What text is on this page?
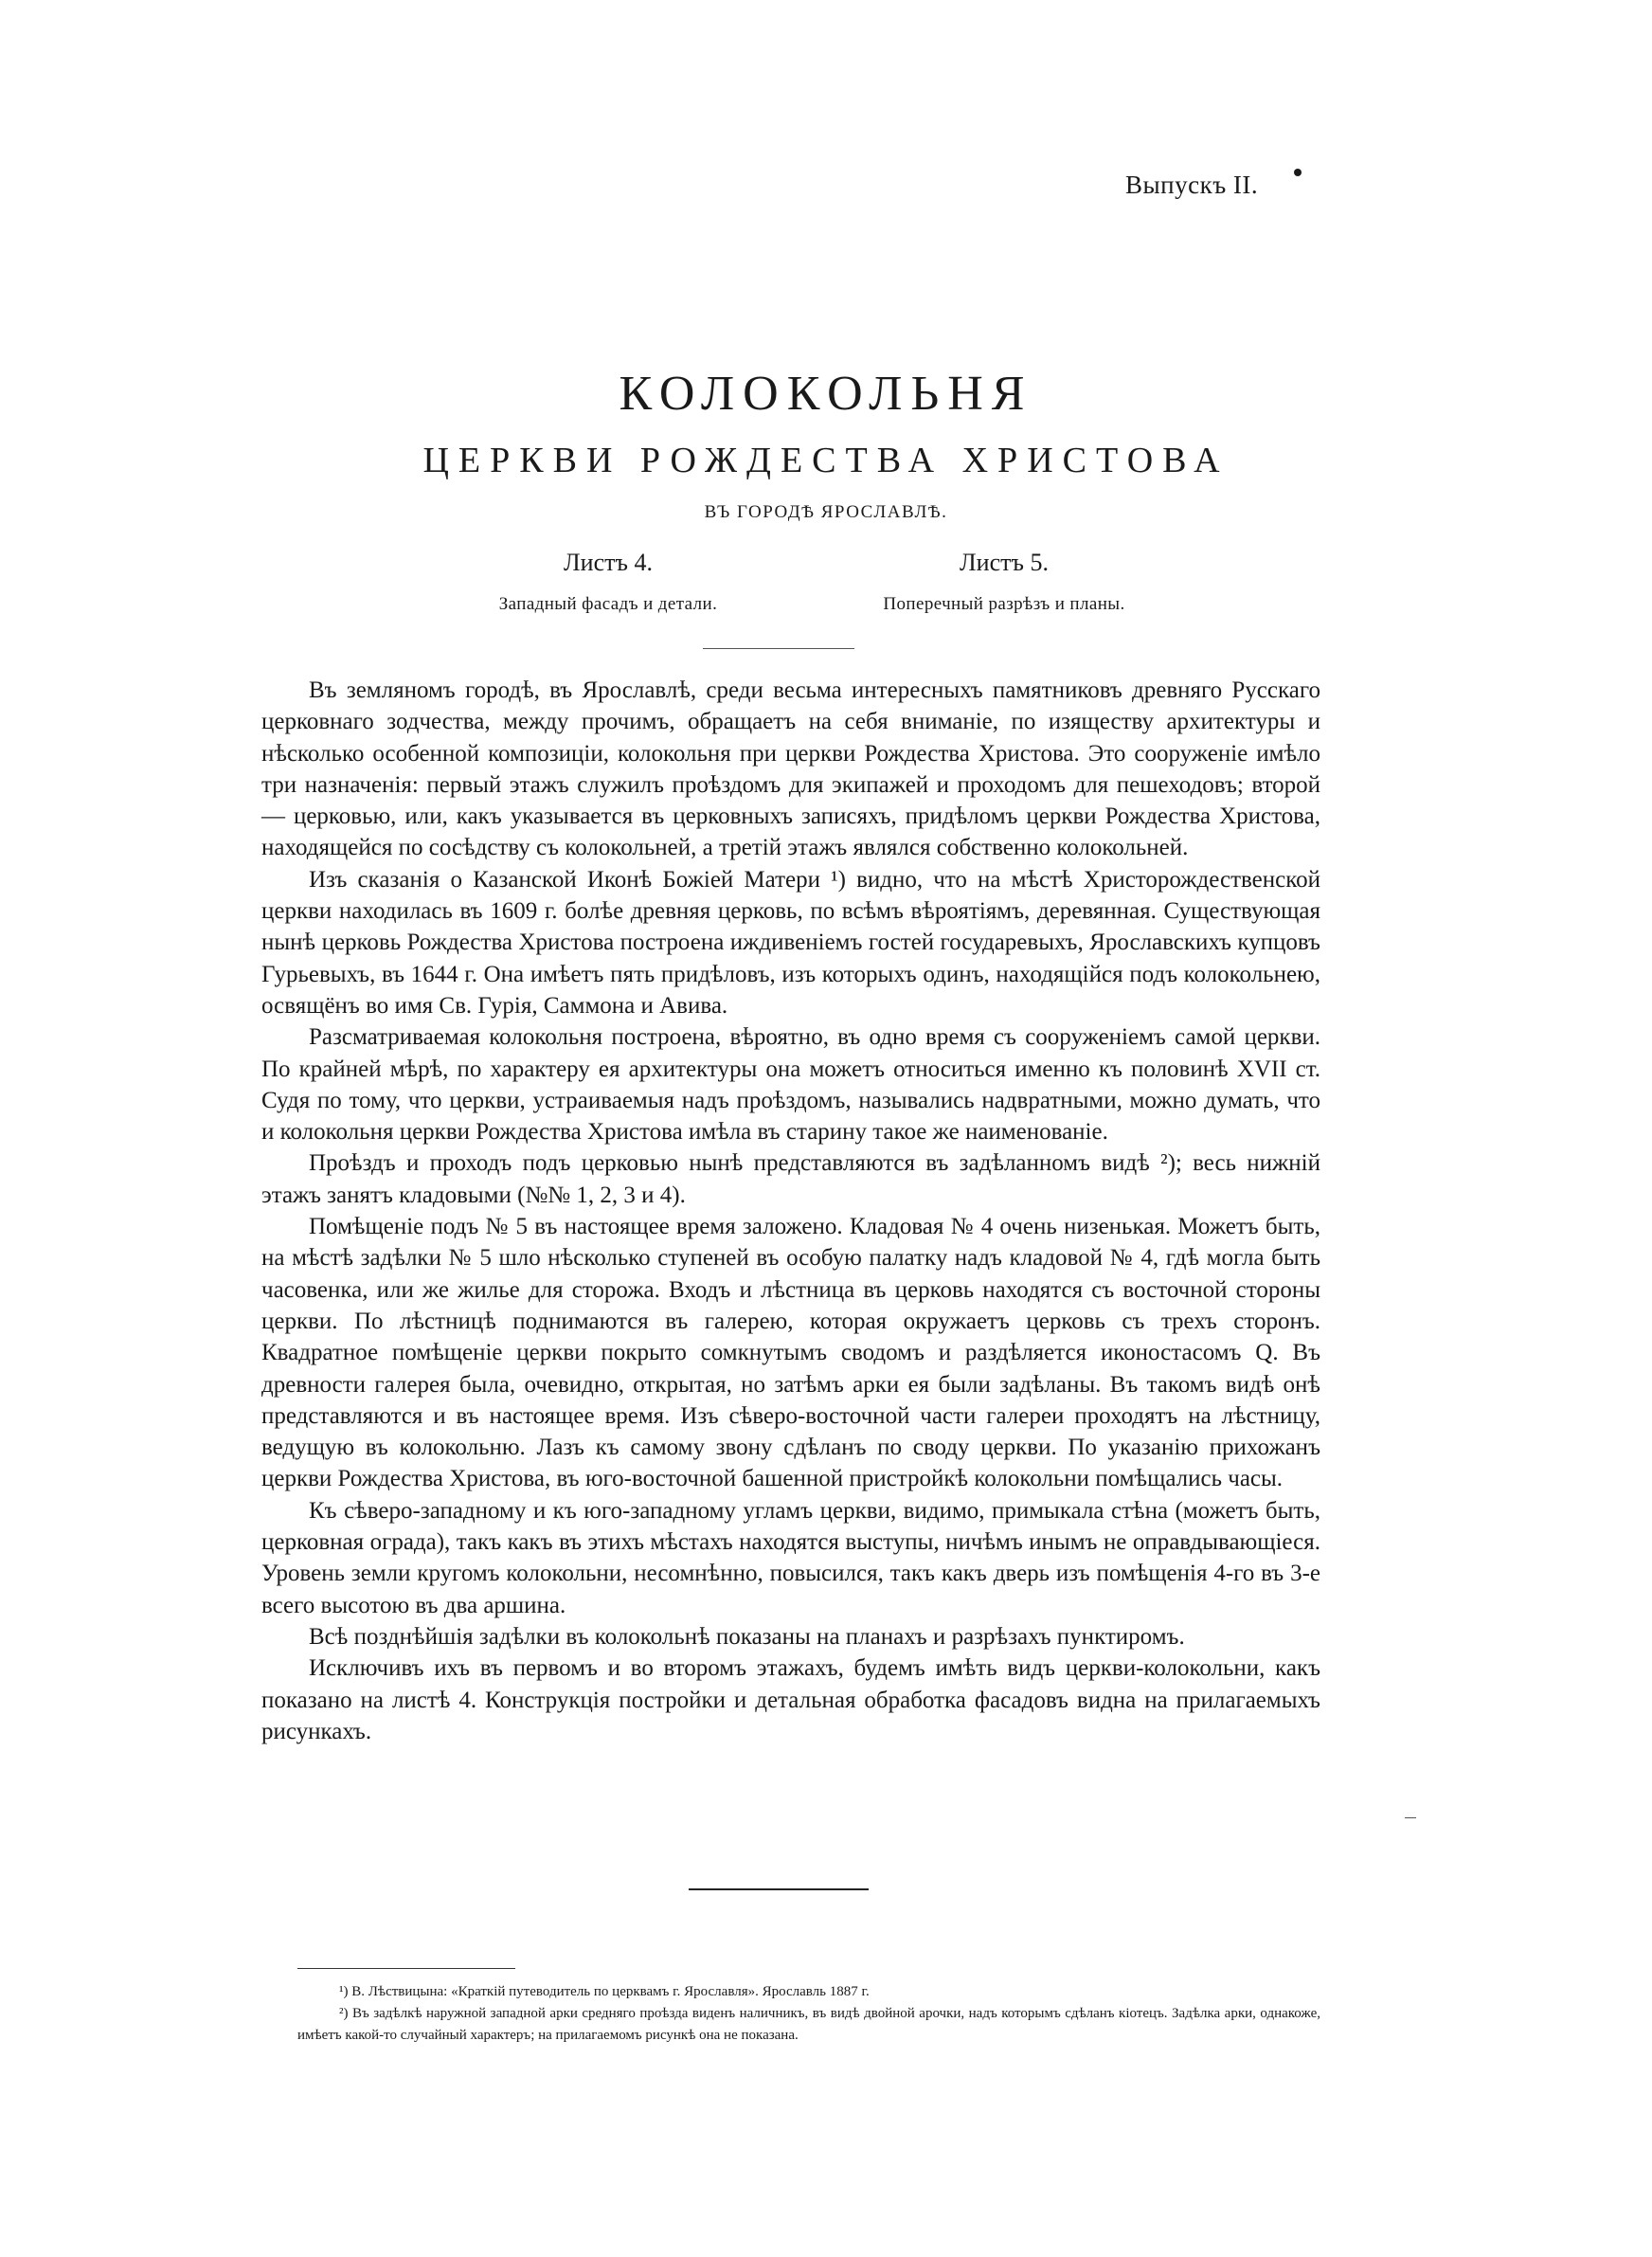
Выпускъ II.
КОЛОКОЛЬНЯ
ЦЕРКВИ РОЖДЕСТВА ХРИСТОВА
ВЪ ГОРОДѢ ЯРОСЛАВЛѢ.
Листъ 4.
Западный фасадъ и детали.
Листъ 5.
Поперечный разрѣзъ и планы.

Въ земляномъ городѣ, въ Ярославлѣ, среди весьма интересныхъ памятниковъ древняго Русскаго церковнаго зодчества, между прочимъ, обращаетъ на себя вниманіе, по изяществу архитектуры и нѣсколько особенной композиціи, колокольня при церкви Рождества Христова. Это сооруженіе имѣло три назначенія: первый этажъ служилъ проѣздомъ для экипажей и проходомъ для пешеходовъ; второй — церковью, или, какъ указывается въ церковныхъ записяхъ, придѣломъ церкви Рождества Христова, находящейся по сосѣдству съ колокольней, а третій этажъ являлся собственно колокольней.

Изъ сказанія о Казанской Иконѣ Божіей Матери ¹) видно, что на мѣстѣ Христорождественской церкви находилась въ 1609 г. болѣе древняя церковь, по всѣмъ вѣроятіямъ, деревянная. Существующая нынѣ церковь Рождества Христова построена иждивеніемъ гостей государевыхъ, Ярославскихъ купцовъ Гурьевыхъ, въ 1644 г. Она имѣетъ пять придѣловъ, изъ которыхъ одинъ, находящійся подъ колокольнею, освящёнъ во имя Св. Гурія, Саммона и Авива.

Разсматриваемая колокольня построена, вѣроятно, въ одно время съ сооруженіемъ самой церкви. По крайней мѣрѣ, по характеру ея архитектуры она можетъ относиться именно къ половинѣ XVII ст. Судя по тому, что церкви, устраиваемыя надъ проѣздомъ, назывались надвратными, можно думать, что и колокольня церкви Рождества Христова имѣла въ старину такое же наименованіе.

Проѣздъ и проходъ подъ церковью нынѣ представляются въ задѣланномъ видѣ ²); весь нижній этажъ занятъ кладовыми (№№ 1, 2, 3 и 4).

Помѣщеніе подъ № 5 въ настоящее время заложено. Кладовая № 4 очень низенькая. Можетъ быть, на мѣстѣ задѣлки № 5 шло нѣсколько ступеней въ особую палатку надъ кладовой № 4, гдѣ могла быть часовенка, или же жилье для сторожа. Входъ и лѣстница въ церковь находятся съ восточной стороны церкви. По лѣстницѣ поднимаются въ галерею, которая окружаетъ церковь съ трехъ сторонъ. Квадратное помѣщеніе церкви покрыто сомкнутымъ сводомъ и раздѣляется иконостасомъ Q. Въ древности галерея была, очевидно, открытая, но затѣмъ арки ея были задѣланы. Въ такомъ видѣ онѣ представляются и въ настоящее время. Изъ сѣверо-восточной части галереи проходятъ на лѣстницу, ведущую въ колокольню. Лазъ къ самому звону сдѣланъ по своду церкви. По указанію прихожанъ церкви Рождества Христова, въ юго-восточной башенной пристройкѣ колокольни помѣщались часы.

Къ сѣверо-западному и къ юго-западному угламъ церкви, видимо, примыкала стѣна (можетъ быть, церковная ограда), такъ какъ въ этихъ мѣстахъ находятся выступы, ничѣмъ инымъ не оправдывающіеся. Уровень земли кругомъ колокольни, несомнѣнно, повысился, такъ какъ дверь изъ помѣщенія 4-го въ 3-е всего высотою въ два аршина.

Всѣ позднѣйшія задѣлки въ колокольнѣ показаны на планахъ и разрѣзахъ пунктиромъ.

Исключивъ ихъ въ первомъ и во второмъ этажахъ, будемъ имѣть видъ церкви-колокольни, какъ показано на листѣ 4. Конструкція постройки и детальная обработка фасадовъ видна на прилагаемыхъ рисункахъ.

¹) В. Лѣствицына: «Краткій путеводитель по церквамъ г. Ярославля». Ярославль 1887 г.

²) Въ задѣлкѣ наружной западной арки средняго проѣзда виденъ наличникъ, въ видѣ двойной арочки, надъ которымъ сдѣланъ кіотецъ. Задѣлка арки, однакоже, имѣетъ какой-то случайный характеръ; на прилагаемомъ рисункѣ она не показана.
